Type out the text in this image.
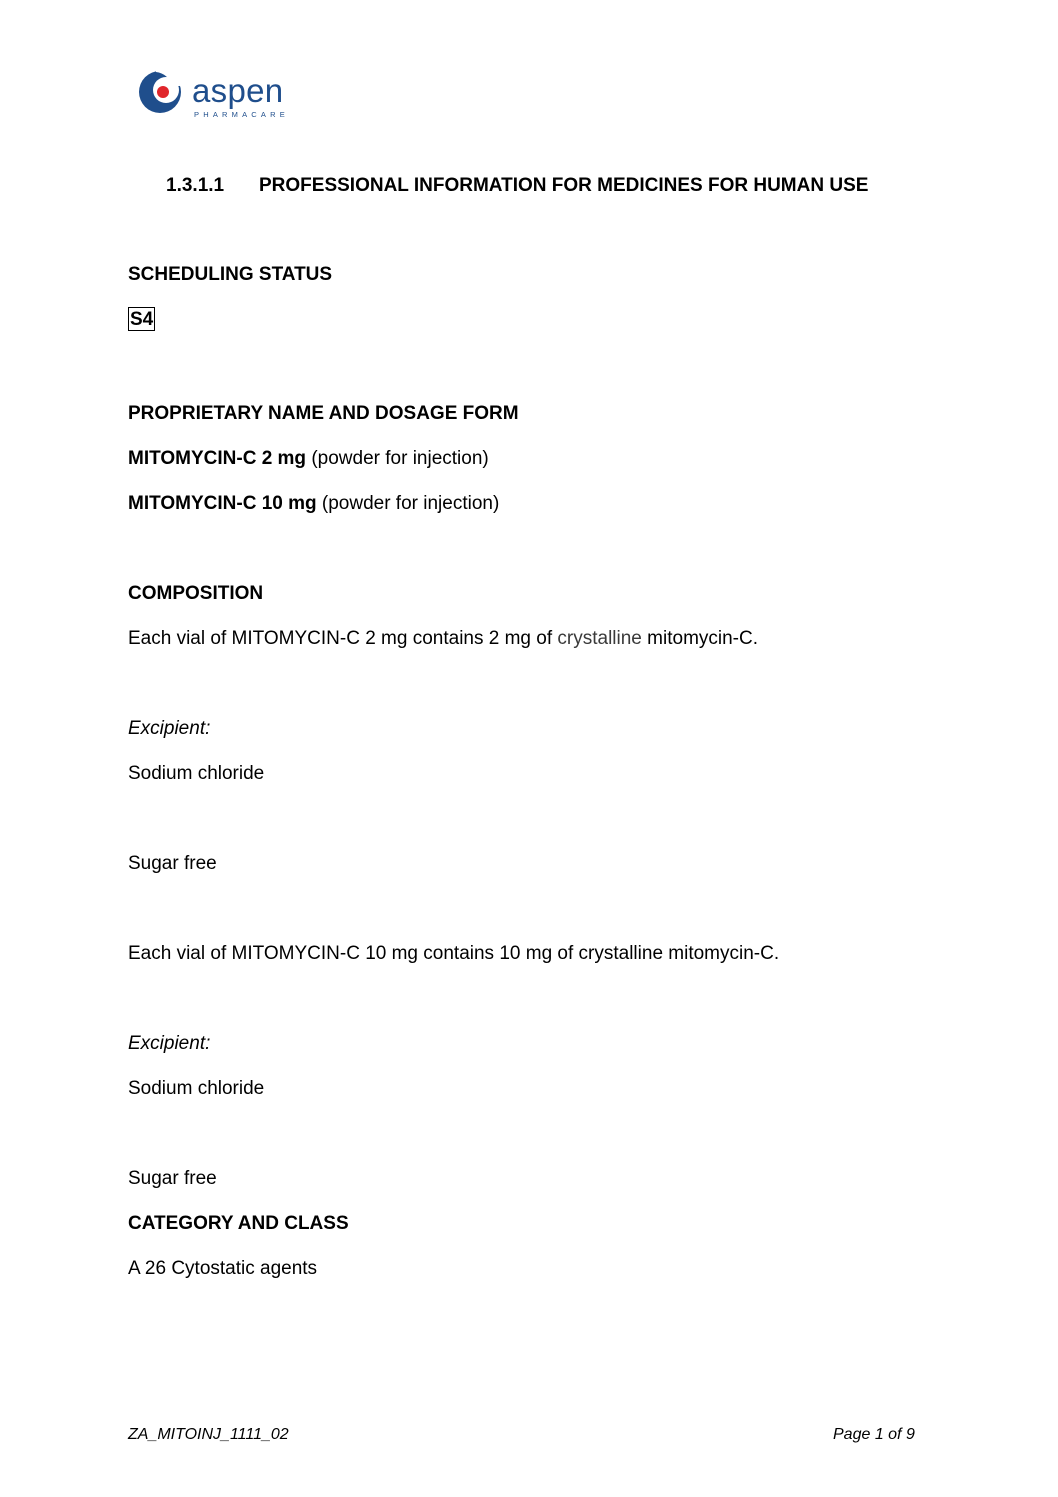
aspen
PHARMACARE
1.3.1.1 PROFESSIONAL INFORMATION FOR MEDICINES FOR HUMAN USE
SCHEDULING STATUS
S4
PROPRIETARY NAME AND DOSAGE FORM
MITOMYCIN-C 2 mg (powder for injection)
MITOMYCIN-C 10 mg (powder for injection)
COMPOSITION
Each vial of MITOMYCIN-C 2 mg contains 2 mg of crystalline mitomycin-C.
Excipient:
Sodium chloride
Sugar free
Each vial of MITOMYCIN-C 10 mg contains 10 mg of crystalline mitomycin-C.
Excipient:
Sodium chloride
Sugar free
CATEGORY AND CLASS
A 26 Cytostatic agents
ZA_MITOINJ_1111_02	Page 1 of 9
